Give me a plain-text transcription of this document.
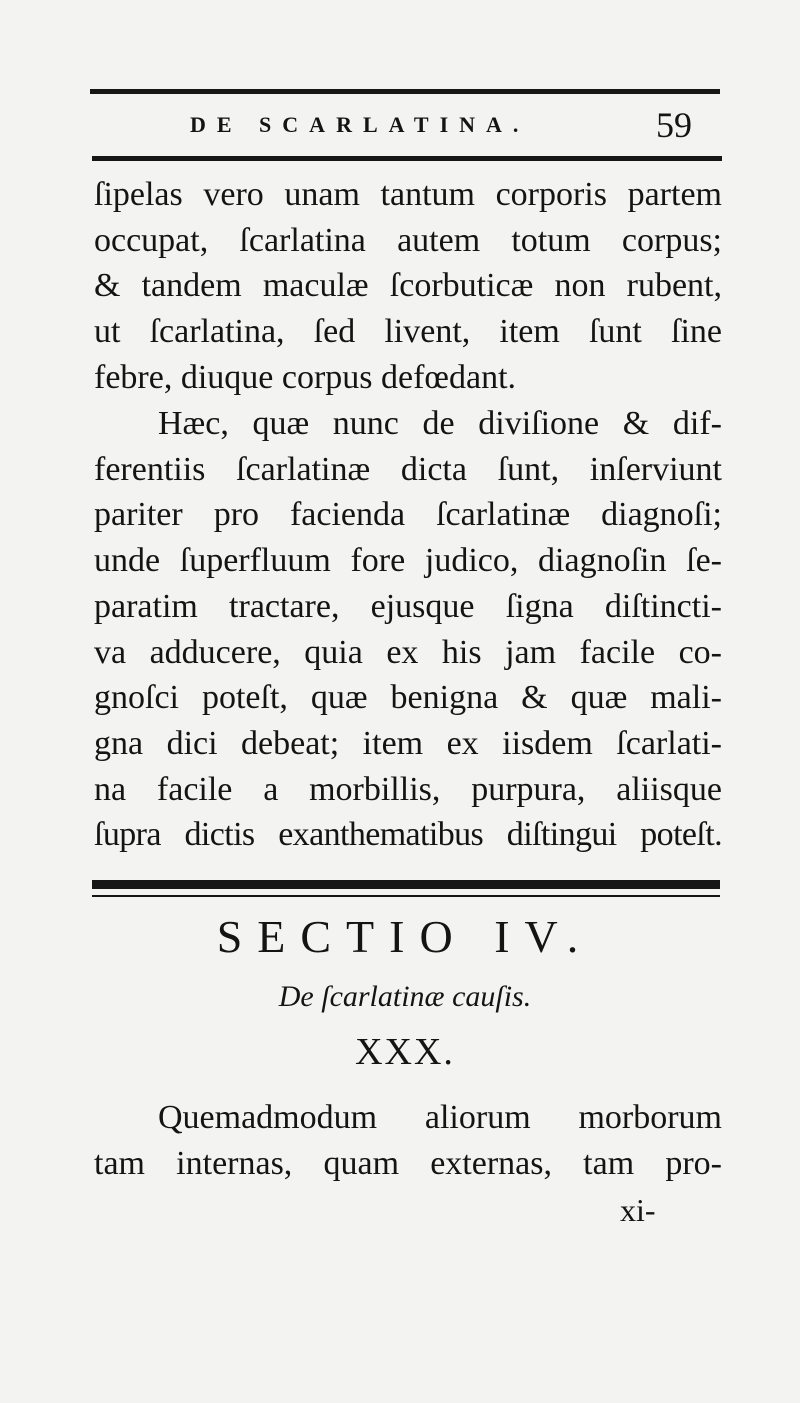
DE SCARLATINA.	59
ſipelas vero unam tantum corporis partem
occupat, ſcarlatina autem totum corpus;
& tandem maculæ ſcorbuticæ non rubent,
ut ſcarlatina, ſed livent, item ſunt ſine
febre, diuque corpus defœdant.
Hæc, quæ nunc de diviſione & dif-
ferentiis ſcarlatinæ dicta ſunt, inſerviunt
pariter pro facienda ſcarlatinæ diagnoſi;
unde ſuperfluum fore judico, diagnoſin ſe-
paratim tractare, ejusque ſigna diſtincti-
va adducere, quia ex his jam facile co-
gnoſci poteſt, quæ benigna & quæ mali-
gna dici debeat; item ex iisdem ſcarlati-
na facile a morbillis, purpura, aliisque
ſupra dictis exanthematibus diſtingui poteſt.
SECTIO IV.
De ſcarlatinæ cauſis.
XXX.
Quemadmodum aliorum morborum
tam internas, quam externas, tam pro-
xi-
